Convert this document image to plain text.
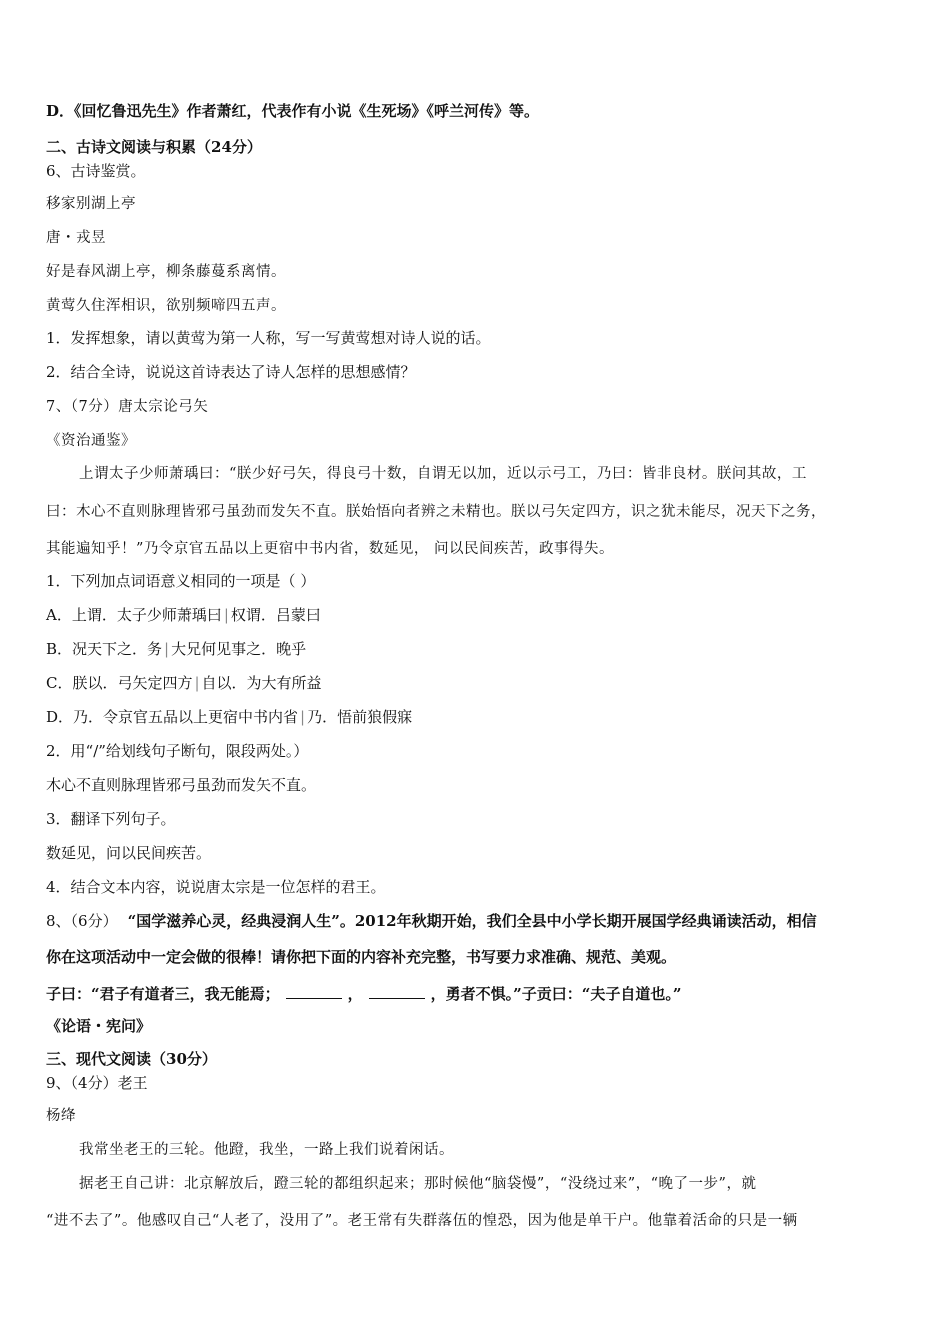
D．《回忆鲁迅先生》作者萧红，代表作有小说《生死场》《呼兰河传》等。
二、古诗文阅读与积累（24分）
6、古诗鉴赏。
移家别湖上亭
唐・戎昱
好是春风湖上亭，柳条藤蔓系离情。
黄莺久住浑相识，欲别频啼四五声。
1．发挥想象，请以黄莺为第一人称，写一写黄莺想对诗人说的话。
2．结合全诗，说说这首诗表达了诗人怎样的思想感情？
7、（7分）唐太宗论弓矢
《资治通鉴》
上谓太子少师萧瑀曰：“朕少好弓矢，得良弓十数，自谓无以加，近以示弓工，乃曰：皆非良材。朕问其故，工
曰：木心不直则脉理皆邪弓虽劲而发矢不直。朕始悟向者辨之未精也。朕以弓矢定四方，识之犹未能尽，况天下之务，
其能遍知乎！”乃令京官五品以上更宿中书内省，数延见， 问以民间疾苦，政事得失。
1．下列加点词语意义相同的一项是（ ）
A．上谓．太子少师萧瑀曰 | 权谓．吕蒙曰
B．况天下之．务 | 大兄何见事之．晚乎
C．朕以．弓矢定四方 | 自以．为大有所益
D．乃．令京官五品以上更宿中书内省 | 乃．悟前狼假寐
2．用“/”给划线句子断句，限段两处。）
木心不直则脉理皆邪弓虽劲而发矢不直。
3．翻译下列句子。
数延见，问以民间疾苦。
4．结合文本内容，说说唐太宗是一位怎样的君王。
8、（6分） “国学滋养心灵，经典浸润人生”。2012年秋期开始，我们全县中小学长期开展国学经典诵读活动，相信
你在这项活动中一定会做的很棒！请你把下面的内容补充完整，书写要力求准确、规范、美观。
子曰：“君子有道者三，我无能焉；	，	，勇者不惧。”子贡曰：“夫子自道也。”
《论语・宪问》
三、现代文阅读（30分）
9、（4分）老王
杨绛
我常坐老王的三轮。他蹬，我坐，一路上我们说着闲话。
据老王自己讲：北京解放后，蹬三轮的都组织起来；那时候他“脑袋慢”，“没绕过来”，“晚了一步”，就
“进不去了”。他感叹自己“人老了，没用了”。老王常有失群落伍的惶恐，因为他是单干户。他靠着活命的只是一辆
